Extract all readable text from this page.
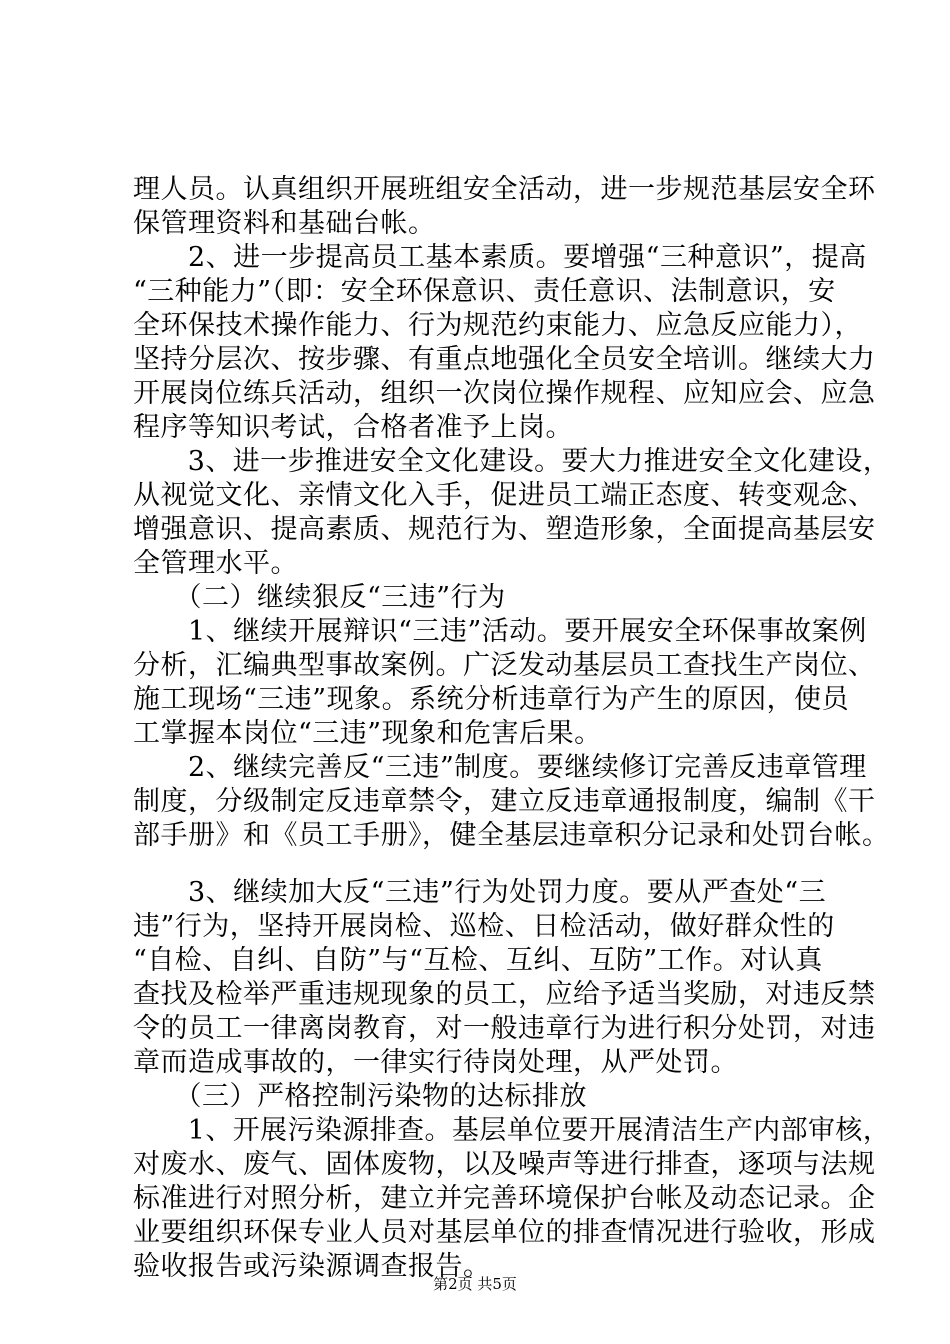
理人员。认真组织开展班组安全活动，进一步规范基层安全环
保管理资料和基础台帐。
　　2、进一步提高员工基本素质。要增强“三种意识”，提高
“三种能力”（即：安全环保意识、责任意识、法制意识，安
全环保技术操作能力、行为规范约束能力、应急反应能力），
坚持分层次、按步骤、有重点地强化全员安全培训。继续大力
开展岗位练兵活动，组织一次岗位操作规程、应知应会、应急
程序等知识考试，合格者准予上岗。
　　3、进一步推进安全文化建设。要大力推进安全文化建设，
从视觉文化、亲情文化入手，促进员工端正态度、转变观念、
增强意识、提高素质、规范行为、塑造形象，全面提高基层安
全管理水平。
　　（二）继续狠反“三违”行为
　　1、继续开展辩识“三违”活动。要开展安全环保事故案例
分析，汇编典型事故案例。广泛发动基层员工查找生产岗位、
施工现场“三违”现象。系统分析违章行为产生的原因，使员
工掌握本岗位“三违”现象和危害后果。
　　2、继续完善反“三违”制度。要继续修订完善反违章管理
制度，分级制定反违章禁令，建立反违章通报制度，编制《干
部手册》和《员工手册》，健全基层违章积分记录和处罚台帐。
　　3、继续加大反“三违”行为处罚力度。要从严查处“三
违”行为，坚持开展岗检、巡检、日检活动，做好群众性的
“自检、自纠、自防”与“互检、互纠、互防”工作。对认真
查找及检举严重违规现象的员工，应给予适当奖励，对违反禁
令的员工一律离岗教育，对一般违章行为进行积分处罚，对违
章而造成事故的，一律实行待岗处理，从严处罚。
　　（三）严格控制污染物的达标排放
　　1、开展污染源排查。基层单位要开展清洁生产内部审核，
对废水、废气、固体废物，以及噪声等进行排查，逐项与法规
标准进行对照分析，建立并完善环境保护台帐及动态记录。企
业要组织环保专业人员对基层单位的排查情况进行验收，形成
验收报告或污染源调查报告。
第2页 共5页
